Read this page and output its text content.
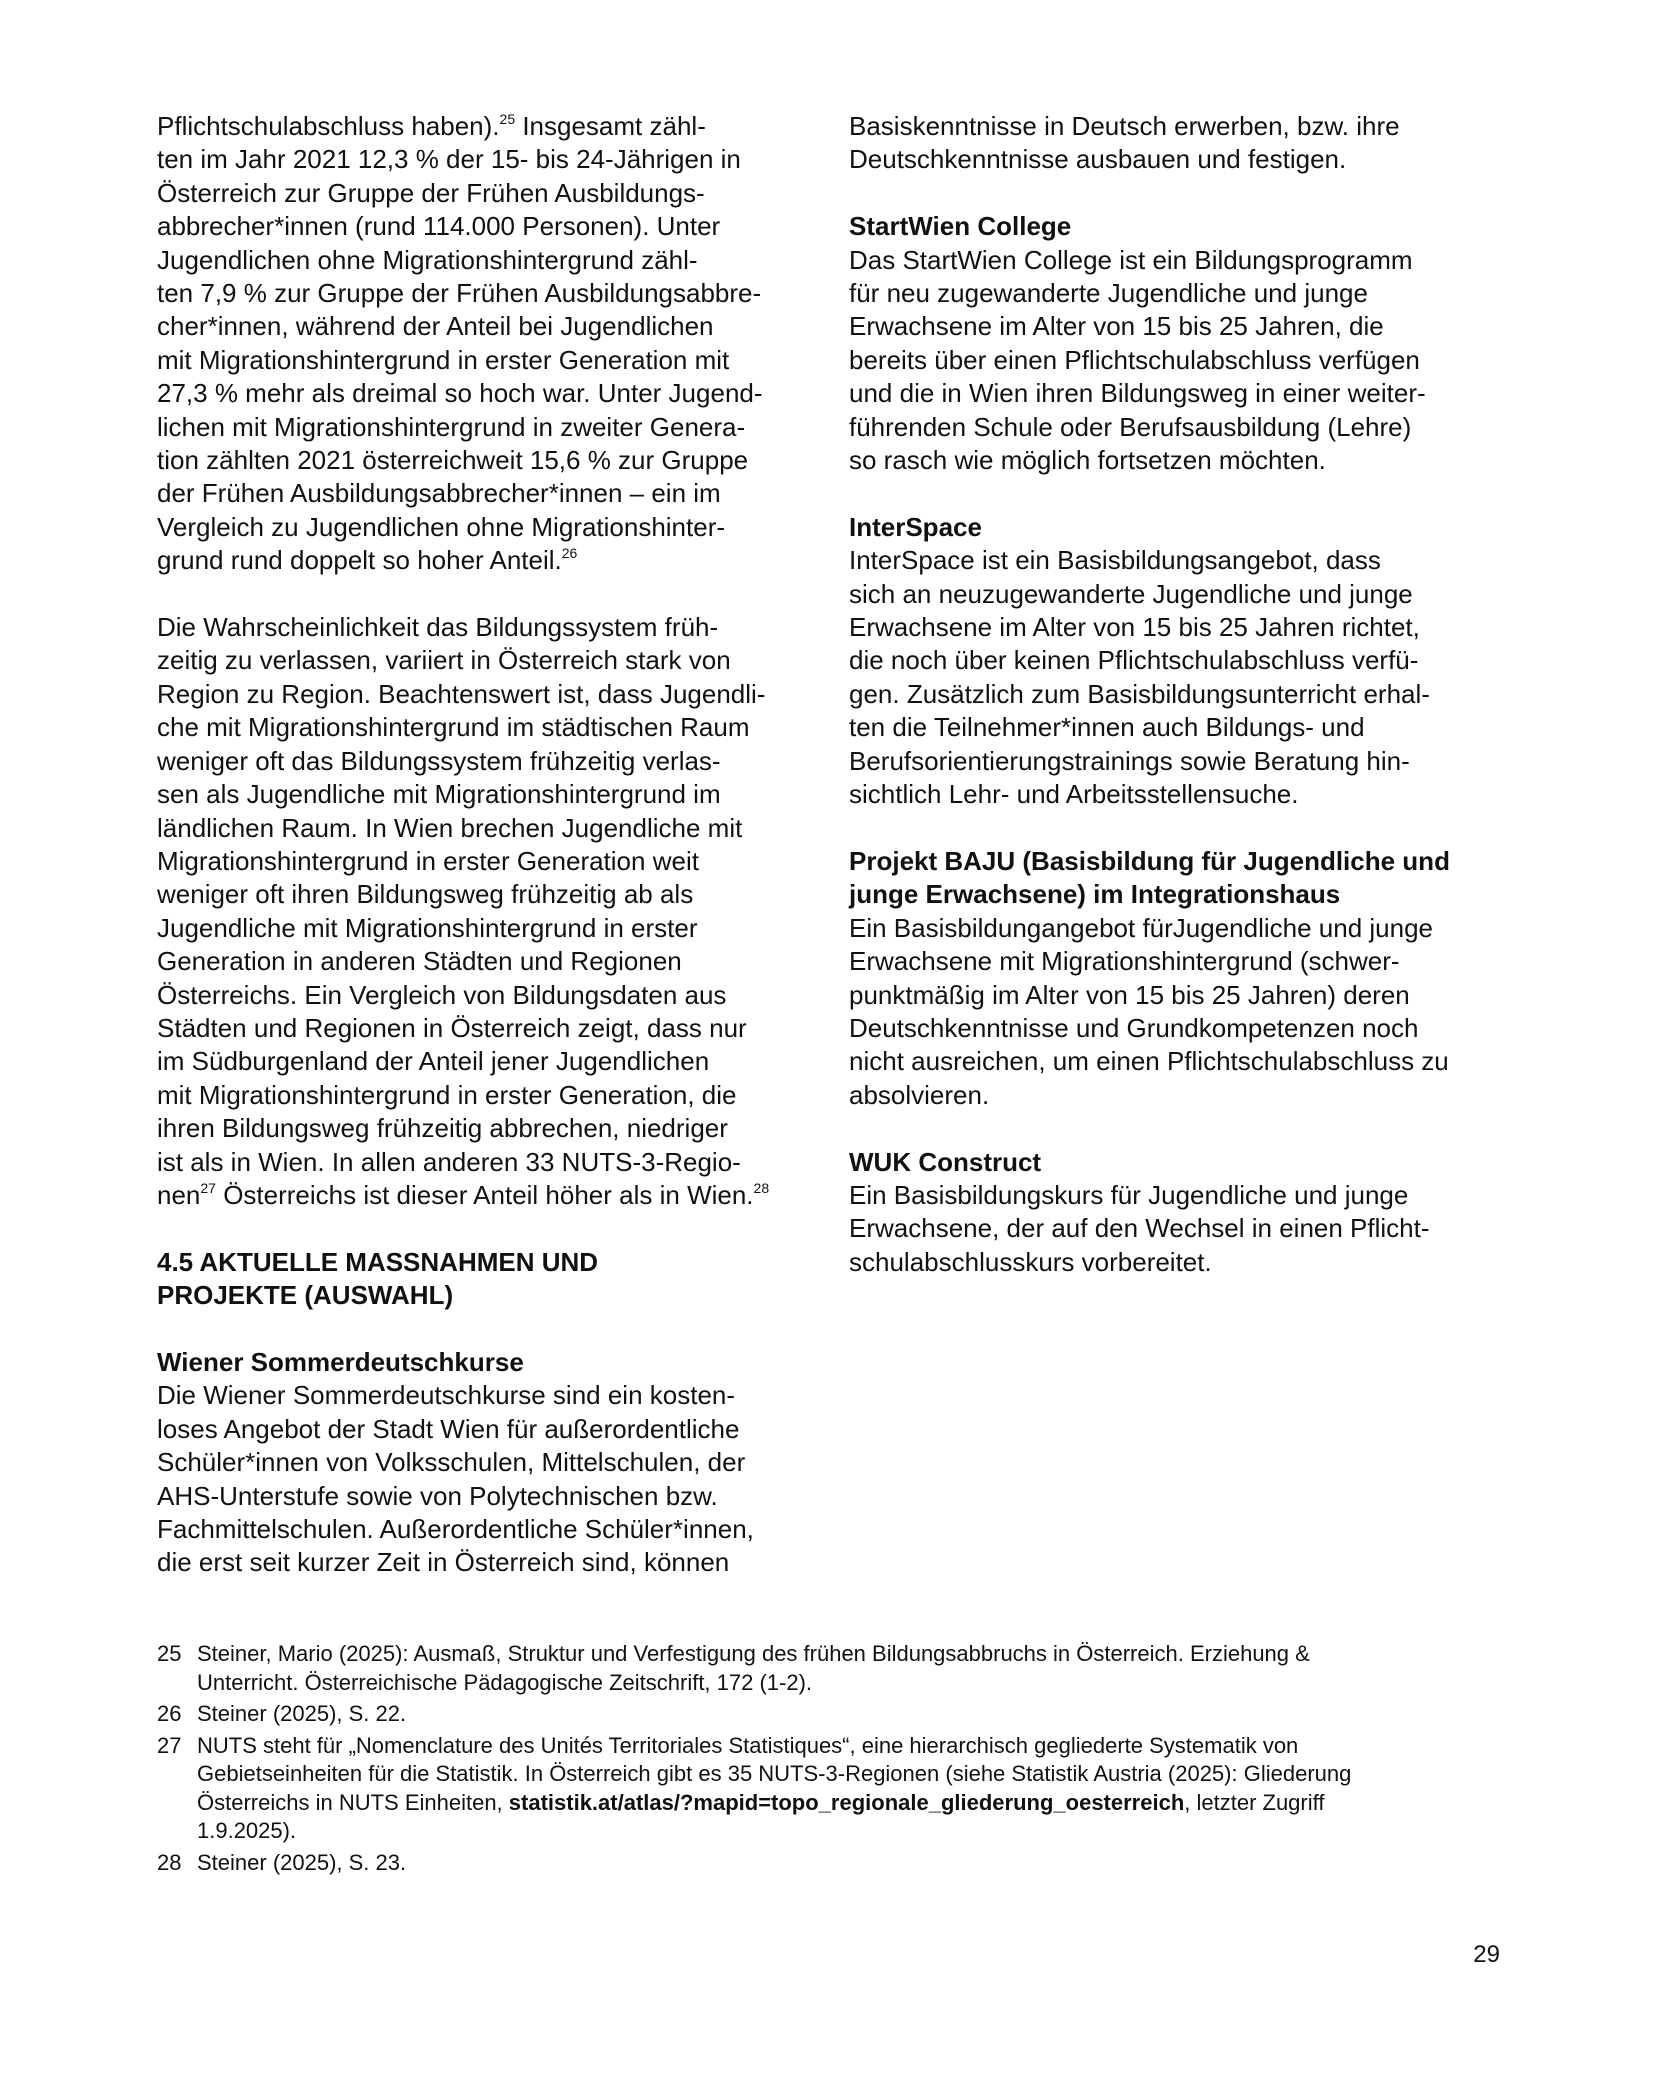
Pflichtschulabschluss haben).$^{25}$ Insgesamt zähl-
ten im Jahr 2021 12,3 % der 15- bis 24-Jährigen in
Österreich zur Gruppe der Frühen Ausbildungs-
abbrecher*innen (rund 114.000 Personen). Unter
Jugendlichen ohne Migrationshintergrund zähl-
ten 7,9 % zur Gruppe der Frühen Ausbildungsabbre-
cher*innen, während der Anteil bei Jugendlichen
mit Migrationshintergrund in erster Generation mit
27,3 % mehr als dreimal so hoch war. Unter Jugend-
lichen mit Migrationshintergrund in zweiter Genera-
tion zählten 2021 österreichweit 15,6 % zur Gruppe
der Frühen Ausbildungsabbrecher*innen – ein im
Vergleich zu Jugendlichen ohne Migrationshinter-
grund rund doppelt so hoher Anteil.$^{26}$

Die Wahrscheinlichkeit das Bildungssystem früh-
zeitig zu verlassen, variiert in Österreich stark von
Region zu Region. Beachtenswert ist, dass Jugendli-
che mit Migrationshintergrund im städtischen Raum
weniger oft das Bildungssystem frühzeitig verlas-
sen als Jugendliche mit Migrationshintergrund im
ländlichen Raum. In Wien brechen Jugendliche mit
Migrationshintergrund in erster Generation weit
weniger oft ihren Bildungsweg frühzeitig ab als
Jugendliche mit Migrationshintergrund in erster
Generation in anderen Städten und Regionen
Österreichs. Ein Vergleich von Bildungsdaten aus
Städten und Regionen in Österreich zeigt, dass nur
im Südburgenland der Anteil jener Jugendlichen
mit Migrationshintergrund in erster Generation, die
ihren Bildungsweg frühzeitig abbrechen, niedriger
ist als in Wien. In allen anderen 33 NUTS-3-Regio-
nen$^{27}$ Österreichs ist dieser Anteil höher als in Wien.$^{28}$

4.5 AKTUELLE MASSNAHMEN UND
PROJEKTE (AUSWAHL)
Wiener Sommerdeutschkurse

Die Wiener Sommerdeutschkurse sind ein kosten-
loses Angebot der Stadt Wien für außerordentliche
Schüler*innen von Volksschulen, Mittelschulen, der
AHS-Unterstufe sowie von Polytechnischen bzw.
Fachmittelschulen. Außerordentliche Schüler*innen,
die erst seit kurzer Zeit in Österreich sind, können

Basiskenntnisse in Deutsch erwerben, bzw. ihre
Deutschkenntnisse ausbauen und festigen.

StartWien College

Das StartWien College ist ein Bildungsprogramm
für neu zugewanderte Jugendliche und junge
Erwachsene im Alter von 15 bis 25 Jahren, die
bereits über einen Pflichtschulabschluss verfügen
und die in Wien ihren Bildungsweg in einer weiter-
führenden Schule oder Berufsausbildung (Lehre)
so rasch wie möglich fortsetzen möchten.

InterSpace

InterSpace ist ein Basisbildungsangebot, dass
sich an neuzugewanderte Jugendliche und junge
Erwachsene im Alter von 15 bis 25 Jahren richtet,
die noch über keinen Pflichtschulabschluss verfü-
gen. Zusätzlich zum Basisbildungsunterricht erhal-
ten die Teilnehmer*innen auch Bildungs- und
Berufsorientierungstrainings sowie Beratung hin-
sichtlich Lehr- und Arbeitsstellensuche.

Projekt BAJU (Basisbildung für Jugendliche und
junge Erwachsene) im Integrationshaus

Ein Basisbildungangebot fürJugendliche und junge
Erwachsene mit Migrationshintergrund (schwer-
punktmäßig im Alter von 15 bis 25 Jahren) deren
Deutschkenntnisse und Grundkompetenzen noch
nicht ausreichen, um einen Pflichtschulabschluss zu
absolvieren.

WUK Construct

Ein Basisbildungskurs für Jugendliche und junge
Erwachsene, der auf den Wechsel in einen Pflicht-
schulabschlusskurs vorbereitet.

25 Steiner, Mario (2025): Ausmaß, Struktur und Verfestigung des frühen Bildungsabbruchs in Österreich. Erziehung &
Unterricht. Österreichische Pädagogische Zeitschrift, 172 (1-2).
26 Steiner (2025), S. 22.
27 NUTS steht für „Nomenclature des Unités Territoriales Statistiques“, eine hierarchisch gegliederte Systematik von
Gebietseinheiten für die Statistik. In Österreich gibt es 35 NUTS-3-Regionen (siehe Statistik Austria (2025): Gliederung
Österreichs in NUTS Einheiten, statistik.at/atlas/?mapid=topo_regionale_gliederung_oesterreich, letzter Zugriff
1.9.2025).
28 Steiner (2025), S. 23.
29
